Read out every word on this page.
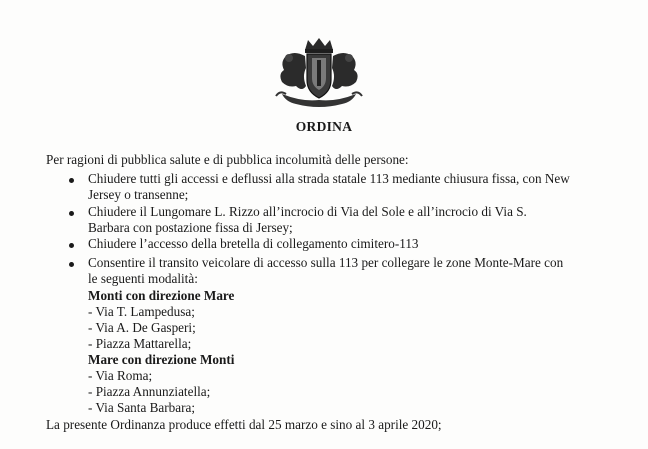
ORDINA
Per ragioni di pubblica salute e di pubblica incolumità delle persone:
Chiudere tutti gli accessi e deflussi alla strada statale 113 mediante chiusura fissa, con New
Jersey o transenne;
Chiudere il Lungomare L. Rizzo all’incrocio di Via del Sole e all’incrocio di Via S.
Barbara con postazione fissa di Jersey;
Chiudere l’accesso della bretella di collegamento cimitero-113
Consentire il transito veicolare di accesso sulla 113 per collegare le zone Monte-Mare con
le seguenti modalità:
Monti con direzione Mare
- Via T. Lampedusa;
- Via A. De Gasperi;
- Piazza Mattarella;
Mare con direzione Monti
- Via Roma;
- Piazza Annunziatella;
- Via Santa Barbara;
La presente Ordinanza produce effetti dal 25 marzo e sino al 3 aprile 2020;
